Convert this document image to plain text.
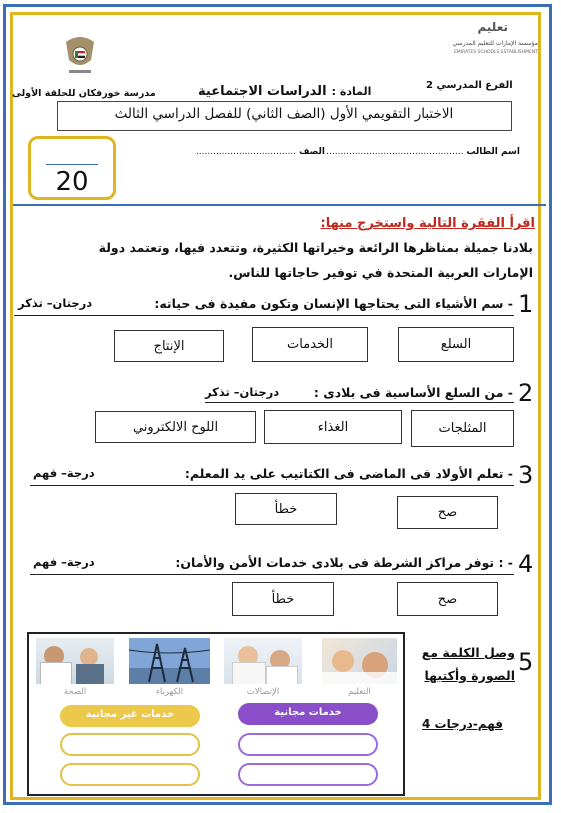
تعليم
مؤسسة الإمارات للتعليم المدرسي
EMIRATES SCHOOLS ESTABLISHMENT
مدرسة خورفكان للحلقة الأولى
الفرع المدرسي 2
المادة : الدراسات الاجتماعية
الاختبار التقويمي الأول (الصف الثاني) للفصل الدراسي الثالث
اسم الطالب ................................................
الصف ...................................
20
اقرأ الفقرة التالية واستخرج منها:
بلادنا جميلة بمناظرها الرائعة وخيراتها الكثيرة، وتتعدد فيها، وتعتمد دولة
الإمارات العربية المتحدة في توفير حاجاتها للناس.
1
- سم الأشياء التى يحتاجها الإنسان وتكون مفيدة فى حياته:
درجتان– تذكر
السلع
الخدمات
الإنتاج
2
- من السلع الأساسية فى بلادى :
درجتان– تذكر
المثلجات
الغذاء
اللوح الالكتروني
3
- تعلم الأولاد فى الماضى فى الكتاتيب على يد المعلم:
درجة– فهم
صح
خطأ
4
- : توفر مراكز الشرطة فى بلادى خدمات الأمن والأمان:
درجة– فهم
صح
خطأ
5
وصل الكلمة مع
الصورة وأكتبها
فهم-درجات 4
التعليم
الإتصالات
الكهرباء
الصحة
خدمات مجانية
خدمات غير مجانية
